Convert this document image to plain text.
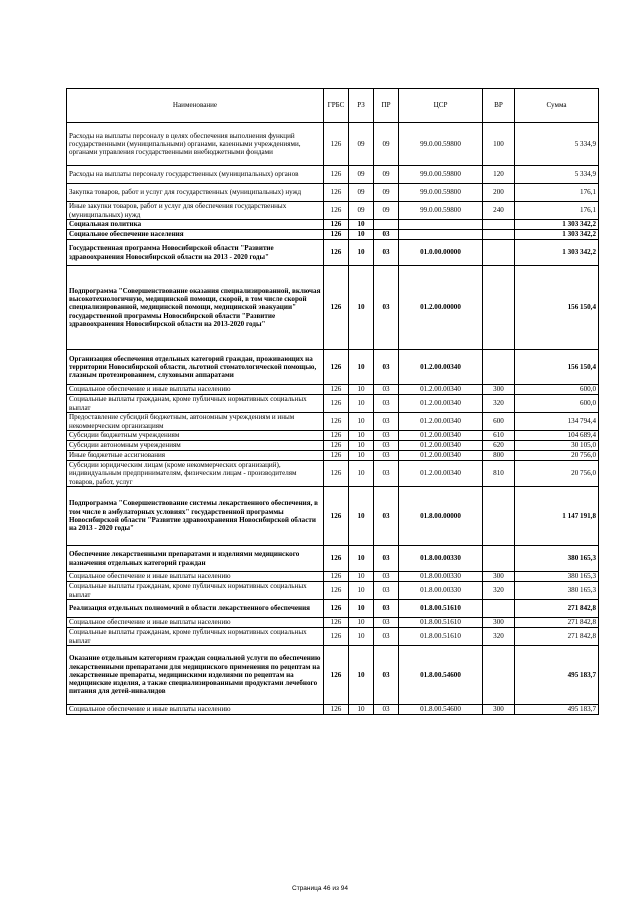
Наименование	ГРБС	РЗ	ПР	ЦСР	ВР	Сумма
Расходы на выплаты персоналу в целях обеспечения выполнения функций государственными (муниципальными) органами, казенными учреждениями, органами управления государственными внебюджетными фондами	126	09	09	99.0.00.59800	100	5 334,9
Расходы на выплаты персоналу государственных (муниципальных) органов	126	09	09	99.0.00.59800	120	5 334,9
Закупка товаров, работ и услуг для государственных (муниципальных) нужд	126	09	09	99.0.00.59800	200	176,1
Иные закупки товаров, работ и услуг для обеспечения государственных (муниципальных) нужд	126	09	09	99.0.00.59800	240	176,1
Социальная политика	126	10				1 303 342,2
Социальное обеспечение населения	126	10	03			1 303 342,2
Государственная программа Новосибирской области "Развитие здравоохранения Новосибирской области на 2013 - 2020 годы"	126	10	03	01.0.00.00000		1 303 342,2
Подпрограмма "Совершенствование оказания специализированной, включая высокотехнологичную, медицинской помощи, скорой, в том числе скорой специализированной, медицинской помощи, медицинской эвакуации" государственной программы Новосибирской области "Развитие здравоохранения Новосибирской области на 2013-2020 годы"	126	10	03	01.2.00.00000		156 150,4
Организация обеспечения отдельных категорий граждан, проживающих на территории Новосибирской области, льготной стоматологической помощью, глазным протезированием, слуховыми аппаратами	126	10	03	01.2.00.00340		156 150,4
Социальное обеспечение и иные выплаты населению	126	10	03	01.2.00.00340	300	600,0
Социальные выплаты гражданам, кроме публичных нормативных социальных выплат	126	10	03	01.2.00.00340	320	600,0
Предоставление субсидий бюджетным, автономным учреждениям и иным некоммерческим организациям	126	10	03	01.2.00.00340	600	134 794,4
Субсидии бюджетным учреждениям	126	10	03	01.2.00.00340	610	104 689,4
Субсидии автономным учреждениям	126	10	03	01.2.00.00340	620	30 105,0
Иные бюджетные ассигнования	126	10	03	01.2.00.00340	800	20 756,0
Субсидии юридическим лицам (кроме некоммерческих организаций), индивидуальным предпринимателям, физическим лицам - производителям товаров, работ, услуг	126	10	03	01.2.00.00340	810	20 756,0
Подпрограмма "Совершенствование системы лекарственного обеспечения, в том числе в амбулаторных условиях" государственной программы Новосибирской области "Развитие здравоохранения Новосибирской области на 2013 - 2020 годы"	126	10	03	01.8.00.00000		1 147 191,8
Обеспечение лекарственными препаратами и изделиями медицинского назначения отдельных категорий граждан	126	10	03	01.8.00.00330		380 165,3
Социальное обеспечение и иные выплаты населению	126	10	03	01.8.00.00330	300	380 165,3
Социальные выплаты гражданам, кроме публичных нормативных социальных выплат	126	10	03	01.8.00.00330	320	380 165,3
Реализация отдельных полномочий в области лекарственного обеспечения	126	10	03	01.8.00.51610		271 842,8
Социальное обеспечение и иные выплаты населению	126	10	03	01.8.00.51610	300	271 842,8
Социальные выплаты гражданам, кроме публичных нормативных социальных выплат	126	10	03	01.8.00.51610	320	271 842,8
Оказание отдельным категориям граждан социальной услуги по обеспечению лекарственными препаратами для медицинского применения по рецептам на лекарственные препараты, медицинскими изделиями по рецептам на медицинские изделия, а также специализированными продуктами лечебного питания для детей-инвалидов	126	10	03	01.8.00.54600		495 183,7
Социальное обеспечение и иные выплаты населению	126	10	03	01.8.00.54600	300	495 183,7
Страница 46 из 94
